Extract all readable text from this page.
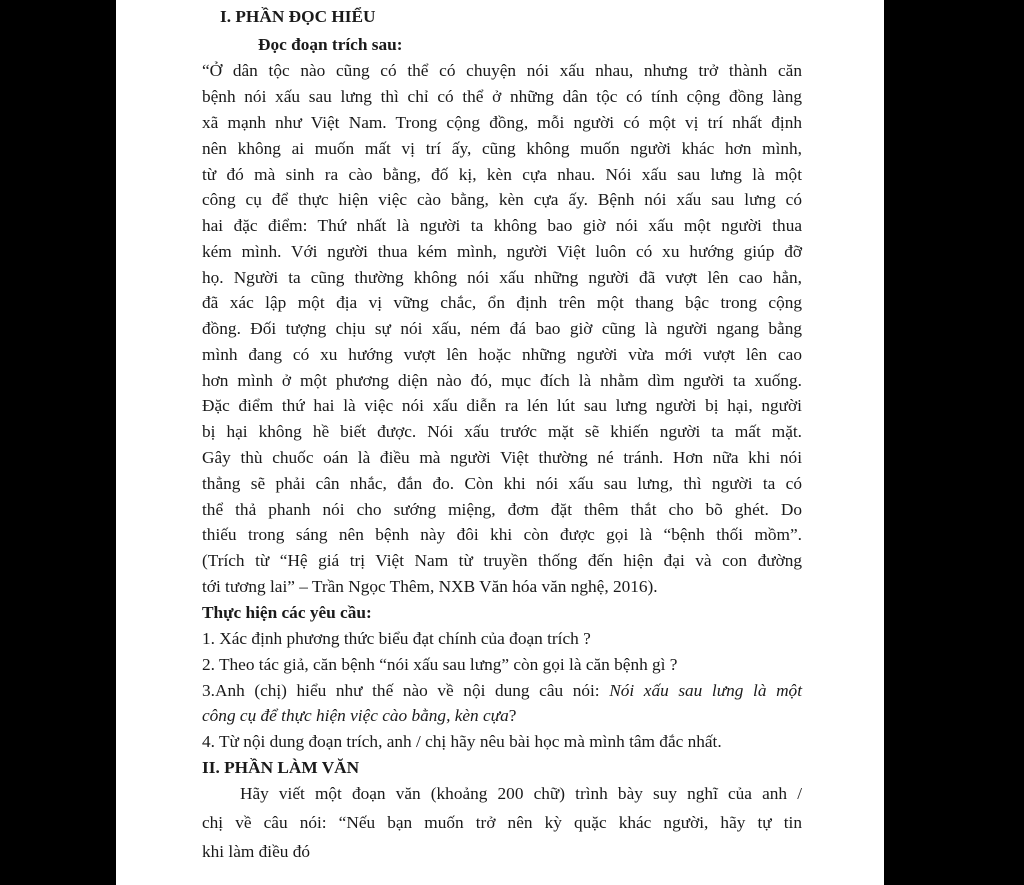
I. PHẦN ĐỌC HIỂU
Đọc đoạn trích sau:
“Ở dân tộc nào cũng có thể có chuyện nói xấu nhau, nhưng trở thành căn
bệnh nói xấu sau lưng thì chỉ có thể ở những dân tộc có tính cộng đồng làng
xã mạnh như Việt Nam. Trong cộng đồng, mỗi người có một vị trí nhất định
nên không ai muốn mất vị trí ấy, cũng không muốn người khác hơn mình,
từ đó mà sinh ra cào bằng, đố kị, kèn cựa nhau. Nói xấu sau lưng là một
công cụ để thực hiện việc cào bằng, kèn cựa ấy. Bệnh nói xấu sau lưng có
hai đặc điểm: Thứ nhất là người ta không bao giờ nói xấu một người thua
kém mình. Với người thua kém mình, người Việt luôn có xu hướng giúp đỡ
họ. Người ta cũng thường không nói xấu những người đã vượt lên cao hẳn,
đã xác lập một địa vị vững chắc, ổn định trên một thang bậc trong cộng
đồng. Đối tượng chịu sự nói xấu, ném đá bao giờ cũng là người ngang bằng
mình đang có xu hướng vượt lên hoặc những người vừa mới vượt lên cao
hơn mình ở một phương diện nào đó, mục đích là nhằm dìm người ta xuống.
Đặc điểm thứ hai là việc nói xấu diễn ra lén lút sau lưng người bị hại, người
bị hại không hề biết được. Nói xấu trước mặt sẽ khiến người ta mất mặt.
Gây thù chuốc oán là điều mà người Việt thường né tránh. Hơn nữa khi nói
thẳng sẽ phải cân nhắc, đắn đo. Còn khi nói xấu sau lưng, thì người ta có
thể thả phanh nói cho sướng miệng, đơm đặt thêm thắt cho bõ ghét. Do
thiếu trong sáng nên bệnh này đôi khi còn được gọi là “bệnh thối mồm”.
(Trích từ “Hệ giá trị Việt Nam từ truyền thống đến hiện đại và con đường
tới tương lai” – Trần Ngọc Thêm, NXB Văn hóa văn nghệ, 2016).
Thực hiện các yêu cầu:
1. Xác định phương thức biểu đạt chính của đoạn trích ?
2. Theo tác giả, căn bệnh “nói xấu sau lưng” còn gọi là căn bệnh gì ?
3.Anh (chị) hiểu như thế nào về nội dung câu nói: Nói xấu sau lưng là một
công cụ để thực hiện việc cào bằng, kèn cựa?
4. Từ nội dung đoạn trích, anh / chị hãy nêu bài học mà mình tâm đắc nhất.
II. PHẦN LÀM VĂN
Hãy viết một đoạn văn (khoảng 200 chữ) trình bày suy nghĩ của anh /
chị về câu nói: “Nếu bạn muốn trở nên kỳ quặc khác người, hãy tự tin
khi làm điều đó
